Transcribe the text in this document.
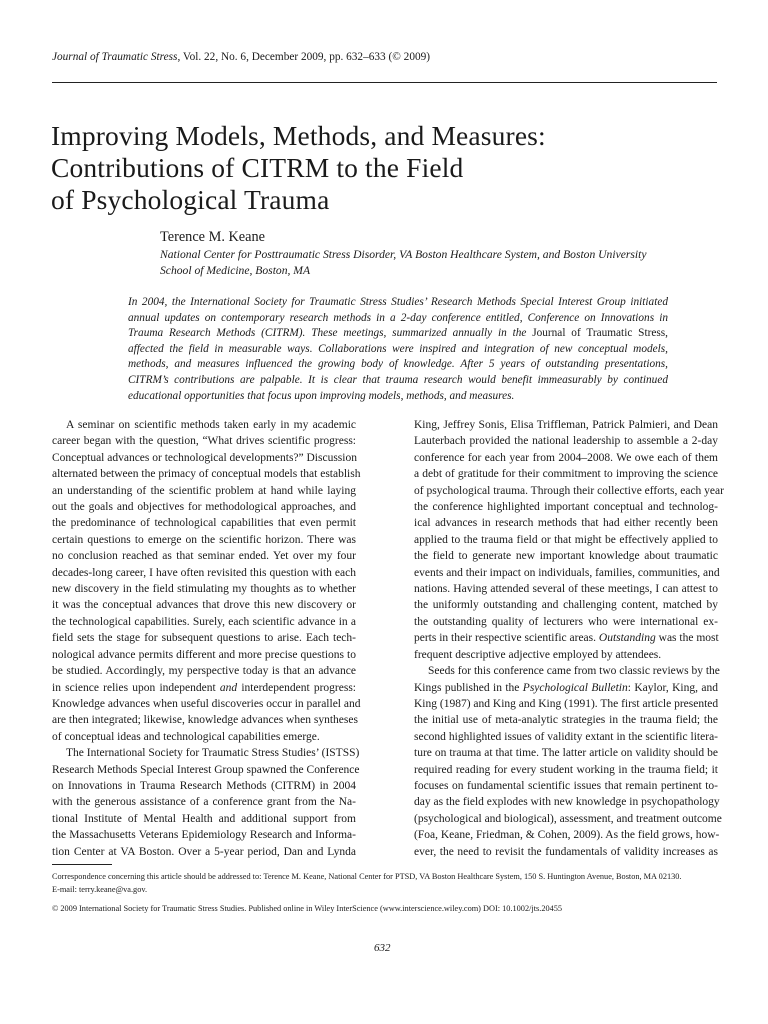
Journal of Traumatic Stress, Vol. 22, No. 6, December 2009, pp. 632–633 (© 2009)
Improving Models, Methods, and Measures:
Contributions of CITRM to the Field
of Psychological Trauma
Terence M. Keane
National Center for Posttraumatic Stress Disorder, VA Boston Healthcare System, and Boston University
School of Medicine, Boston, MA
In 2004, the International Society for Traumatic Stress Studies’ Research Methods Special Interest Group initiated
annual updates on contemporary research methods in a 2-day conference entitled, Conference on Innovations in
Trauma Research Methods (CITRM). These meetings, summarized annually in the Journal of Traumatic Stress,
affected the field in measurable ways. Collaborations were inspired and integration of new conceptual models,
methods, and measures influenced the growing body of knowledge. After 5 years of outstanding presentations,
CITRM’s contributions are palpable. It is clear that trauma research would benefit immeasurably by continued
educational opportunities that focus upon improving models, methods, and measures.
A seminar on scientific methods taken early in my academic
career began with the question, “What drives scientific progress:
Conceptual advances or technological developments?” Discussion
alternated between the primacy of conceptual models that establish
an understanding of the scientific problem at hand while laying
out the goals and objectives for methodological approaches, and
the predominance of technological capabilities that even permit
certain questions to emerge on the scientific horizon. There was
no conclusion reached as that seminar ended. Yet over my four
decades-long career, I have often revisited this question with each
new discovery in the field stimulating my thoughts as to whether
it was the conceptual advances that drove this new discovery or
the technological capabilities. Surely, each scientific advance in a
field sets the stage for subsequent questions to arise. Each tech-
nological advance permits different and more precise questions to
be studied. Accordingly, my perspective today is that an advance
in science relies upon independent and interdependent progress:
Knowledge advances when useful discoveries occur in parallel and
are then integrated; likewise, knowledge advances when syntheses
of conceptual ideas and technological capabilities emerge.
The International Society for Traumatic Stress Studies’ (ISTSS)
Research Methods Special Interest Group spawned the Conference
on Innovations in Trauma Research Methods (CITRM) in 2004
with the generous assistance of a conference grant from the Na-
tional Institute of Mental Health and additional support from
the Massachusetts Veterans Epidemiology Research and Informa-
tion Center at VA Boston. Over a 5-year period, Dan and Lynda
King, Jeffrey Sonis, Elisa Triffleman, Patrick Palmieri, and Dean
Lauterbach provided the national leadership to assemble a 2-day
conference for each year from 2004–2008. We owe each of them
a debt of gratitude for their commitment to improving the science
of psychological trauma. Through their collective efforts, each year
the conference highlighted important conceptual and technolog-
ical advances in research methods that had either recently been
applied to the trauma field or that might be effectively applied to
the field to generate new important knowledge about traumatic
events and their impact on individuals, families, communities, and
nations. Having attended several of these meetings, I can attest to
the uniformly outstanding and challenging content, matched by
the outstanding quality of lecturers who were international ex-
perts in their respective scientific areas. Outstanding was the most
frequent descriptive adjective employed by attendees.
Seeds for this conference came from two classic reviews by the
Kings published in the Psychological Bulletin: Kaylor, King, and
King (1987) and King and King (1991). The first article presented
the initial use of meta-analytic strategies in the trauma field; the
second highlighted issues of validity extant in the scientific litera-
ture on trauma at that time. The latter article on validity should be
required reading for every student working in the trauma field; it
focuses on fundamental scientific issues that remain pertinent to-
day as the field explodes with new knowledge in psychopathology
(psychological and biological), assessment, and treatment outcome
(Foa, Keane, Friedman, & Cohen, 2009). As the field grows, how-
ever, the need to revisit the fundamentals of validity increases as
Correspondence concerning this article should be addressed to: Terence M. Keane, National Center for PTSD, VA Boston Healthcare System, 150 S. Huntington Avenue, Boston, MA 02130.
E-mail: terry.keane@va.gov.
© 2009 International Society for Traumatic Stress Studies. Published online in Wiley InterScience (www.interscience.wiley.com) DOI: 10.1002/jts.20455
632
